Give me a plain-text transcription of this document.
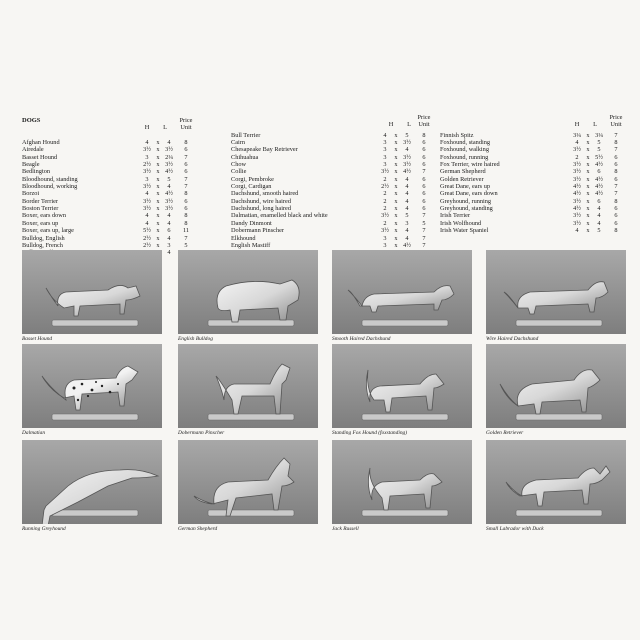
DOGS
Afghan Hound	4	x	4	8
Airedale	3½ x 3½	6
Basset Hound	3	x 2¼	7
Beagle	2½ x 3½	6
Bedlington	3½ x 4½	6
Bloodhound, standing	3	x	5	7
Bloodhound, working	3½ x	4	7
Borzoi	4	x 4½	8
Border Terrier	3½ x 3½	6
Boston Terrier	3½ x 3½	6
Boxer, ears down	4	x	4	8
Boxer, ears up	4	x	4	8
Boxer, ears up, large	5½ x	6	11
Bulldog, English	2½ x	4	7
Bulldog, French	2½ x	3	5
4
Bull Terrier	4	x	5	8
Cairn	3	x 3½	6
Chesapeake Bay Retriever	3	x	4	6
Chihuahua	3	x 3½	6
Chow	3	x 3½	6
Collie	3½ x 4½	7
Corgi, Pembroke	2	x	4	6
Corgi, Cardigan	2½ x	4	6
Dachshund, smooth haired	2	x	4	6
Dachshund, wire haired	2	x	4	6
Dachshund, long haired	2	x	4	6
Dalmatian, enamelled black and white	3½ x	5	7
Dandy Dinmont	2	x	3	5
Dobermann Pinscher	3½ x	4	7
Elkhound	3	x	4	7
English Mastiff	3	x 4½	7
Finnish Spitz	3¼ x 3¼	7
Foxhound, standing	4	x	5	8
Foxhound, walking	3½ x	5	7
Foxhound, running	2	x 5½	6
Fox Terrier, wire haired	3½ x 4½	6
German Shepherd	3½ x	6	8
Golden Retriever	3½ x 4½	6
Great Dane, ears up	4½ x 4½	7
Great Dane, ears down	4½ x 4½	7
Greyhound, running	3½ x	6	8
Greyhound, standing	4½ x	4	6
Irish Terrier	3½ x	4	6
Irish Wolfhound	3½ x	4	6
Irish Water Spaniel	4	x	5	8
Price
H	L	Unit
Price
H	L	Unit
Price
H	L	Unit
Basset Hound	English Bulldog	Smooth Haired Dachshund	Wire Haired Dachshund
Dalmatian	Dobermann Pinscher	Standing Fox Hound (foxstanding)	Golden Retriever
Running Greyhound	German Shepherd	Jack Russell	Small Labrador with Duck
